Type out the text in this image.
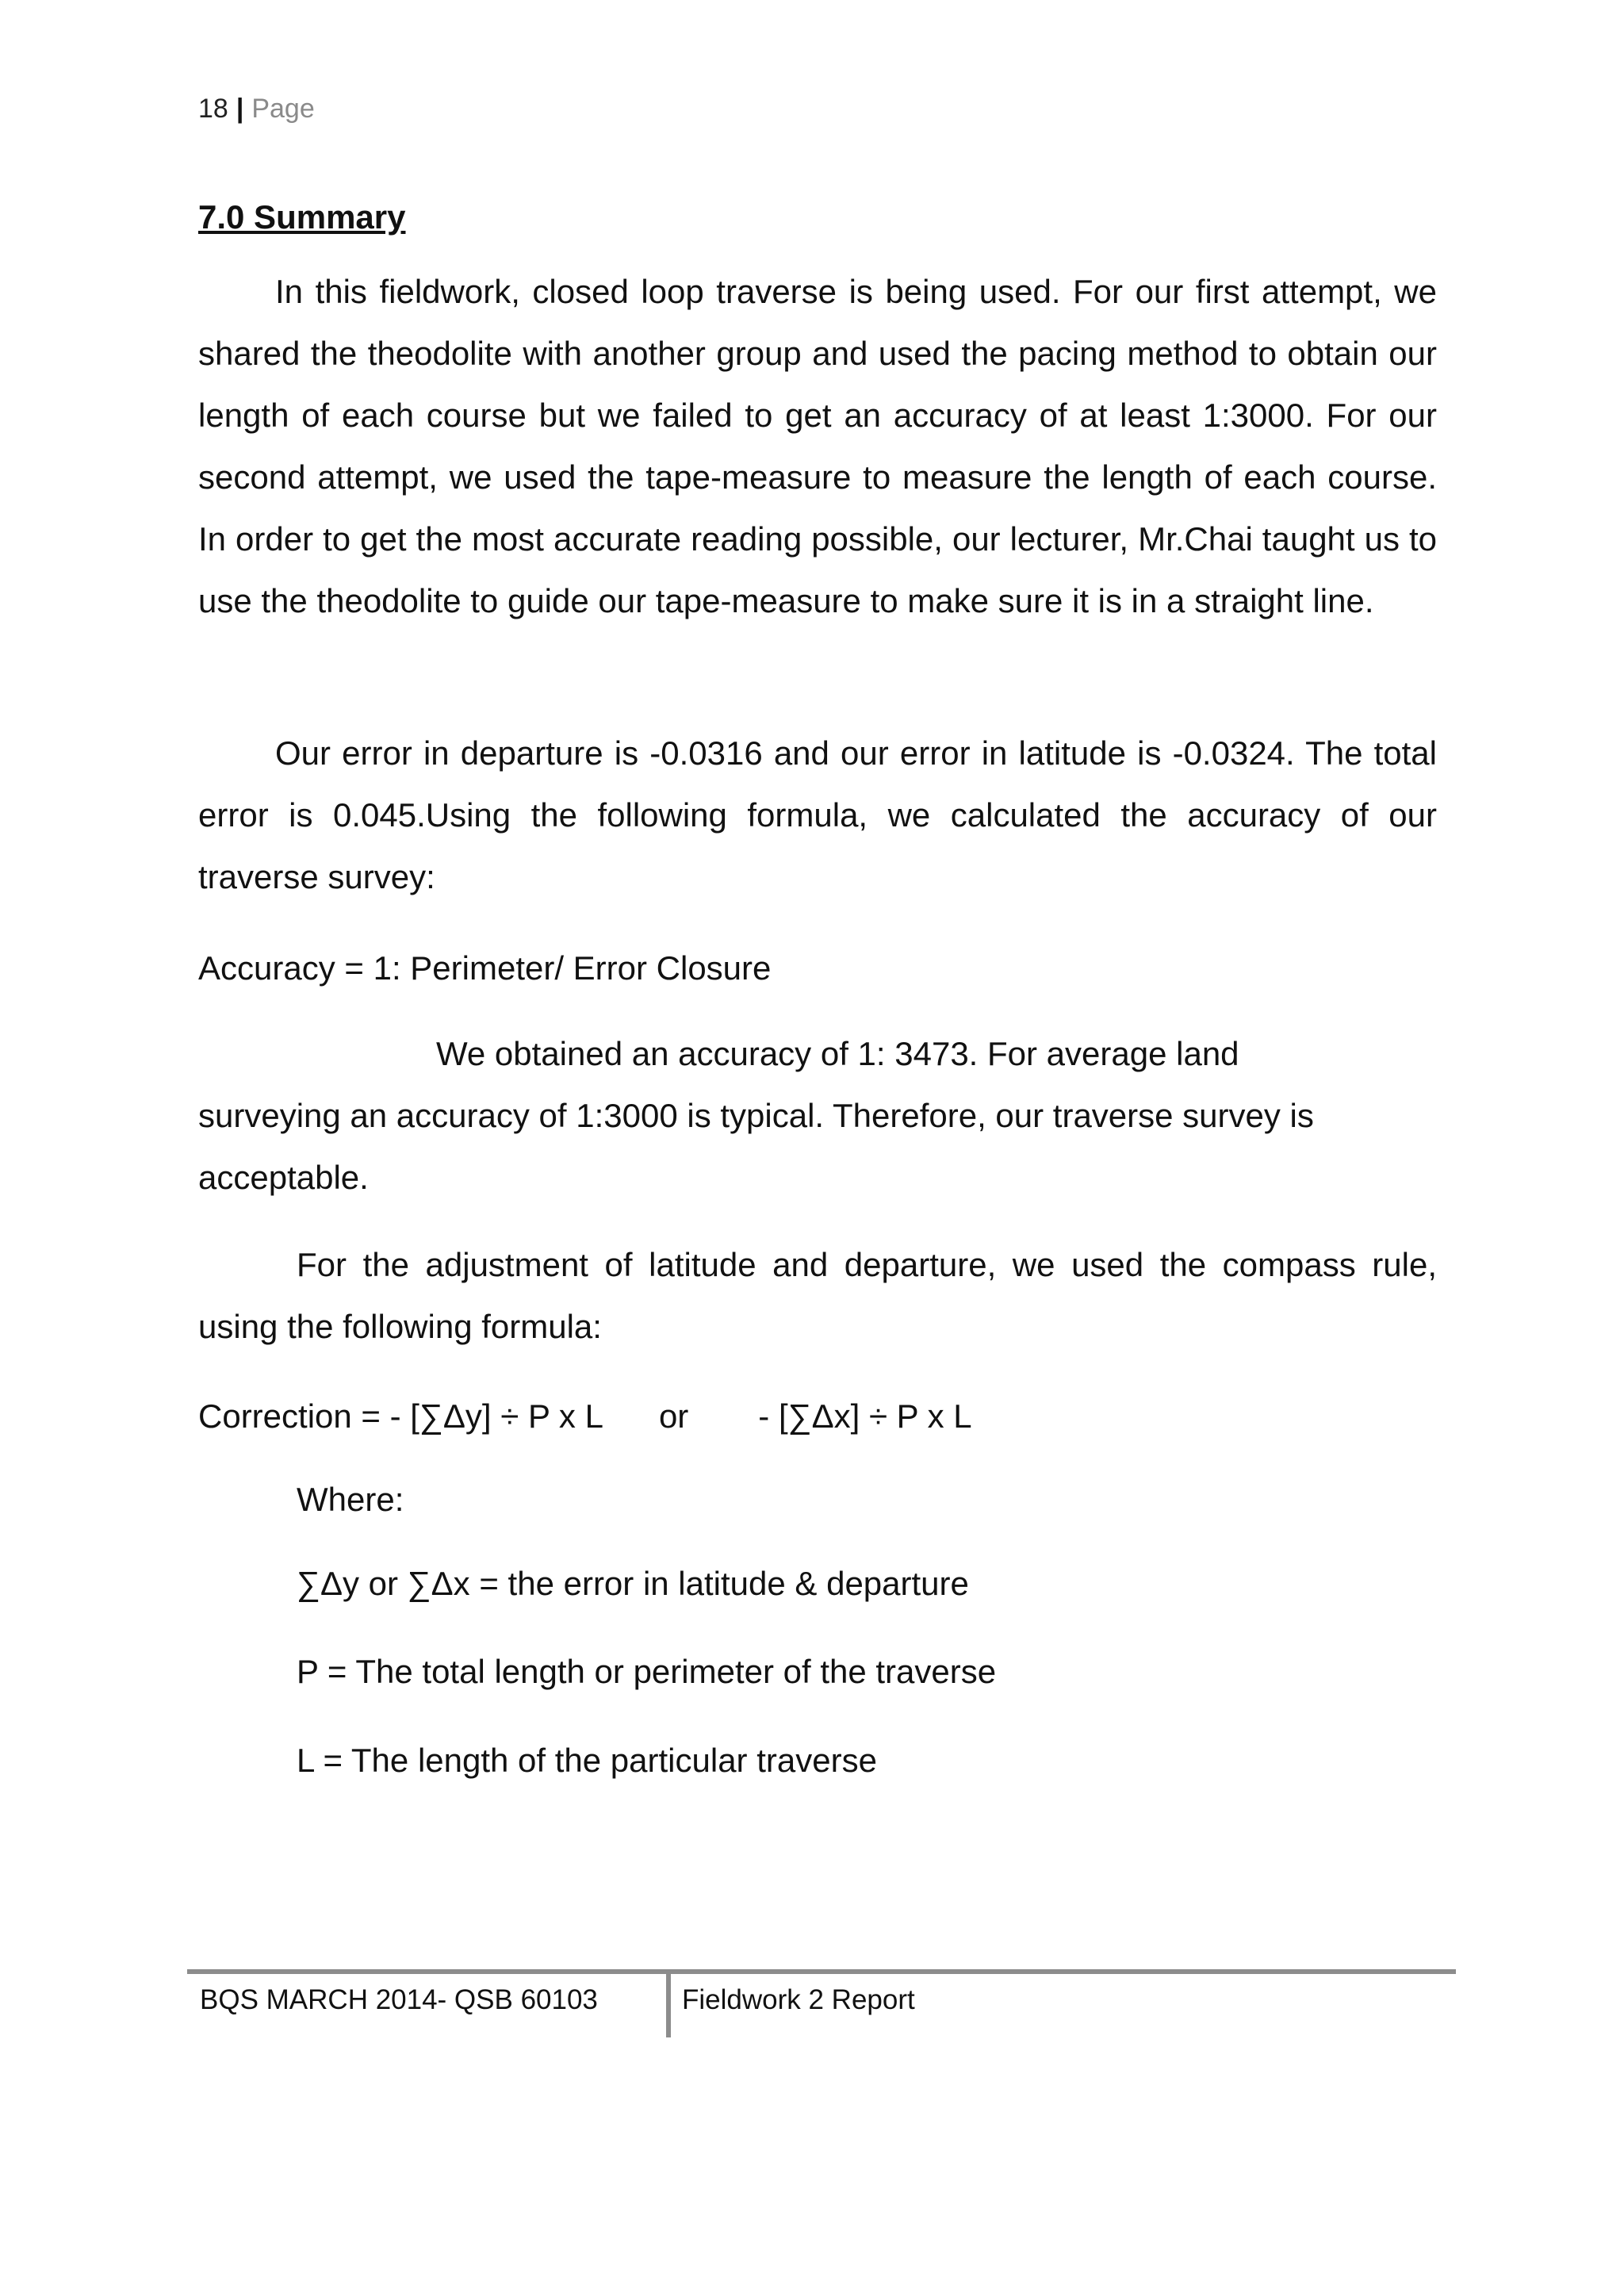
18 | Page
7.0 Summary

In this fieldwork, closed loop traverse is being used. For our first attempt, we shared the theodolite with another group and used the pacing method to obtain our length of each course but we failed to get an accuracy of at least 1:3000. For our second attempt, we used the tape-measure to measure the length of each course. In order to get the most accurate reading possible, our lecturer, Mr.Chai taught us to use the theodolite to guide our tape-measure to make sure it is in a straight line.

Our error in departure is -0.0316 and our error in latitude is -0.0324. The total error is 0.045.Using the following formula, we calculated the accuracy of our traverse survey:

Accuracy = 1: Perimeter/ Error Closure

We obtained an accuracy of 1: 3473. For average land

surveying an accuracy of 1:3000 is typical. Therefore, our traverse survey is

acceptable.

For the adjustment of latitude and departure, we used the compass rule, using the following formula:

Correction = - [∑Δy] ÷ P x L or - [∑Δx] ÷ P x L

Where:

∑Δy or ∑Δx = the error in latitude & departure

P = The total length or perimeter of the traverse

L = The length of the particular traverse

BQS MARCH 2014- QSB 60103	Fieldwork 2 Report
